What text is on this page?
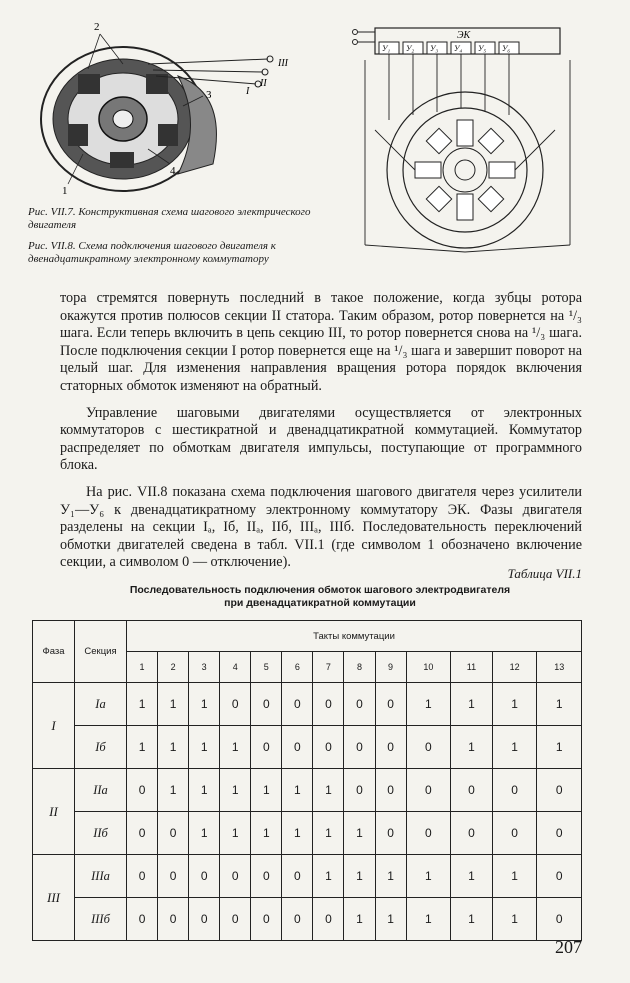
2
3
4
1
I
II
III
ЭК
У₁ У₂ У₃ У₄ У₅ У₆
Рис. VII.7. Конструктивная схема шагового электрического двигателя
Рис. VII.8. Схема подключения шагового двигателя к двенадцатикратному электронному коммутатору

тора стремятся повернуть последний в такое положение, когда зубцы ротора окажутся против полюсов секции II статора. Таким образом, ротор повернется на ¹/₃ шага. Если теперь включить в цепь секцию III, то ротор повернется снова на ¹/₃ шага. После подключения секции I ротор повернется еще на ¹/₃ шага и завершит поворот на целый шаг. Для изменения направления вращения ротора порядок включения статорных обмоток изменяют на обратный.

Управление шаговыми двигателями осуществляется от электронных коммутаторов с шестикратной и двенадцатикратной коммутацией. Коммутатор распределяет по обмоткам двигателя импульсы, поступающие от программного блока.

На рис. VII.8 показана схема подключения шагового двигателя через усилители У₁—У₆ к двенадцатикратному электронному коммутатору ЭК. Фазы двигателя разделены на секции Iₐ, Iб, IIₐ, IIб, IIIₐ, IIIб. Последовательность переключений обмотки двигателей сведена в табл. VII.1 (где символом 1 обозначено включение секции, а символом 0 — отключение).

Таблица VII.1
Последовательность подключения обмоток шагового электродвигателя
при двенадцатикратной коммутации
Фаза	Секция	Такты коммутации												
		1	2	3	4	5	6	7	8	9	10	11	12	13
I	Iа	1	1	1	0	0	0	0	0	0	1	1	1	1
	Iб	1	1	1	1	0	0	0	0	0	0	1	1	1
II	IIа	0	1	1	1	1	1	1	0	0	0	0	0	0
	IIб	0	0	1	1	1	1	1	1	0	0	0	0	0
III	IIIа	0	0	0	0	0	0	1	1	1	1	1	1	0
	IIIб	0	0	0	0	0	0	0	1	1	1	1	1	0
207
